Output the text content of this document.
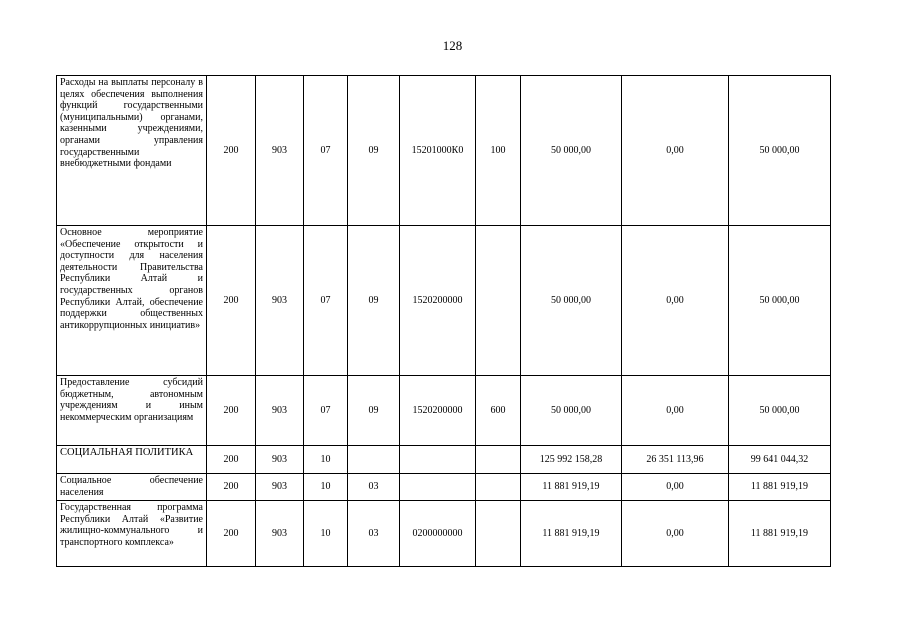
128
Расходы на выплаты персоналу в целях обеспечения выполнения функций государственными (муниципальными) органами, казенными учреждениями, органами управления государственными внебюджетными фондами	200	903	07	09	15201000К0	100	50 000,00	0,00	50 000,00
Основное мероприятие «Обеспечение открытости и доступности для населения деятельности Правительства Республики Алтай и государственных органов Республики Алтай, обеспечение поддержки общественных антикоррупционных инициатив»	200	903	07	09	1520200000		50 000,00	0,00	50 000,00
Предоставление субсидий бюджетным, автономным учреждениям и иным некоммерческим организациям	200	903	07	09	1520200000	600	50 000,00	0,00	50 000,00
СОЦИАЛЬНАЯ ПОЛИТИКА	200	903	10				125 992 158,28	26 351 113,96	99 641 044,32
Социальное обеспечение населения	200	903	10	03			11 881 919,19	0,00	11 881 919,19
Государственная программа Республики Алтай «Развитие жилищно-коммунального и транспортного комплекса»	200	903	10	03	0200000000		11 881 919,19	0,00	11 881 919,19
